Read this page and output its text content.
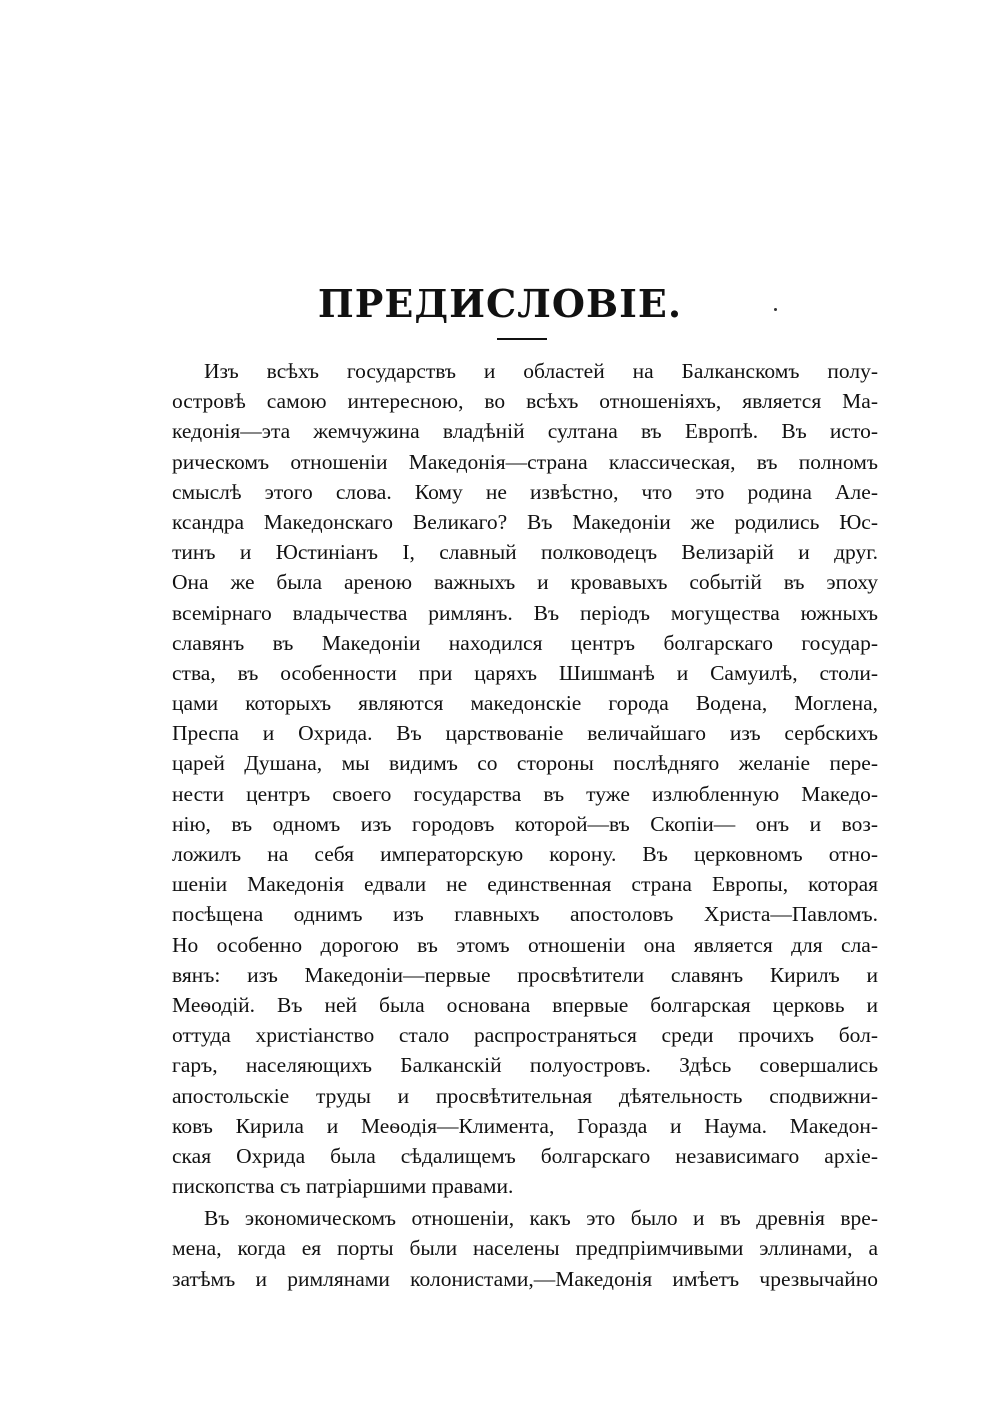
ПРЕДИСЛОВІЕ.
Изъ всѣхъ государствъ и областей на Балканскомъ полу-
островѣ самою интересною, во всѣхъ отношеніяхъ, является Ма-
кедонія—эта жемчужина владѣній султана въ Европѣ. Въ исто-
рическомъ отношеніи Македонія—страна классическая, въ полномъ
смыслѣ этого слова. Кому не извѣстно, что это родина Але-
ксандра Македонскаго Великаго? Въ Македоніи же родились Юс-
тинъ и Юстиніанъ I, славный полководецъ Велизарій и друг.
Она же была ареною важныхъ и кровавыхъ событій въ эпоху
всемірнаго владычества римлянъ. Въ періодъ могущества южныхъ
славянъ въ Македоніи находился центръ болгарскаго государ-
ства, въ особенности при царяхъ Шишманѣ и Самуилѣ, столи-
цами которыхъ являются македонскіе города Водена, Моглена,
Преспа и Охрида. Въ царствованіе величайшаго изъ сербскихъ
царей Душана, мы видимъ со стороны послѣдняго желаніе пере-
нести центръ своего государства въ туже излюбленную Македо-
нію, въ одномъ изъ городовъ которой—въ Скопіи— онъ и воз-
ложилъ на себя императорскую корону. Въ церковномъ отно-
шеніи Македонія едвали не единственная страна Европы, которая
посѣщена однимъ изъ главныхъ апостоловъ Христа—Павломъ.
Но особенно дорогою въ этомъ отношеніи она является для сла-
вянъ: изъ Македоніи—первые просвѣтители славянъ Кирилъ и
Меѳодій. Въ ней была основана впервые болгарская церковь и
оттуда христіанство стало распространяться среди прочихъ бол-
гаръ, населяющихъ Балканскій полуостровъ. Здѣсь совершались
апостольскіе труды и просвѣтительная дѣятельность сподвижни-
ковъ Кирила и Меѳодія—Климента, Горазда и Наума. Македон-
ская Охрида была сѣдалищемъ болгарскаго независимаго архіе-
пископства съ патріаршими правами.
Въ экономическомъ отношеніи, какъ это было и въ древнія вре-
мена, когда ея порты были населены предпріимчивыми эллинами, а
затѣмъ и римлянами колонистами,—Македонія имѣетъ чрезвычайно
